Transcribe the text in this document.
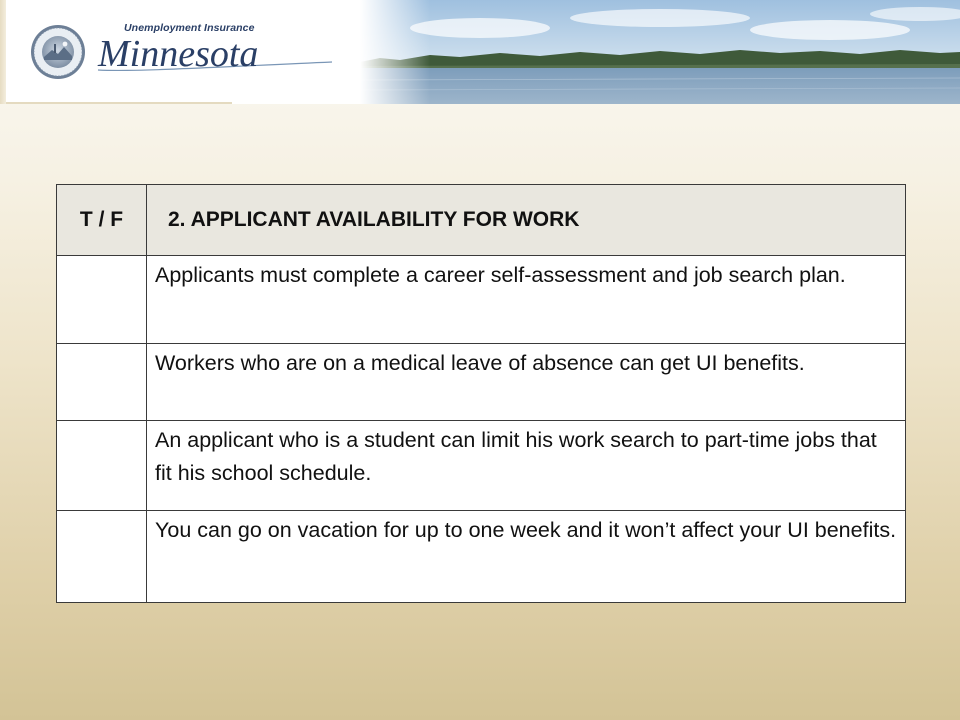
Unemployment Insurance
Minnesota
T / F	2. APPLICANT AVAILABILITY FOR WORK
	Applicants must complete a career self-assessment and job search plan.
	Workers who are on a medical leave of absence can get UI benefits.
	An applicant who is a student can limit his work search to part-time jobs that fit his school schedule.
	You can go on vacation for up to one week and it won’t affect your UI benefits.
